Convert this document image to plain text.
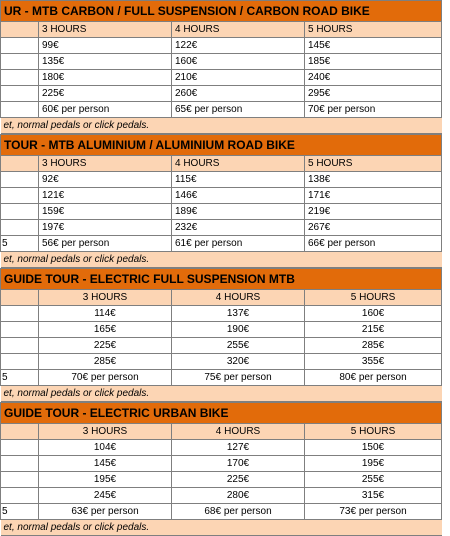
UR - MTB CARBON / FULL SUSPENSION / CARBON ROAD BIKE			
	3 HOURS	4 HOURS	5 HOURS
	99€	122€	145€
	135€	160€	185€
	180€	210€	240€
	225€	260€	295€
	60€ per person	65€ per person	70€ per person
et, normal pedals or click pedals.			
TOUR - MTB ALUMINIUM / ALUMINIUM ROAD BIKE			
	3 HOURS	4 HOURS	5 HOURS
	92€	115€	138€
	121€	146€	171€
	159€	189€	219€
	197€	232€	267€
5	56€ per person	61€ per person	66€ per person
et, normal pedals or click pedals.			
GUIDE TOUR - ELECTRIC FULL SUSPENSION MTB			
	3 HOURS	4 HOURS	5 HOURS
	114€	137€	160€
	165€	190€	215€
	225€	255€	285€
	285€	320€	355€
5	70€ per person	75€ per person	80€ per person
et, normal pedals or click pedals.			
GUIDE TOUR - ELECTRIC URBAN BIKE			
	3 HOURS	4 HOURS	5 HOURS
	104€	127€	150€
	145€	170€	195€
	195€	225€	255€
	245€	280€	315€
5	63€ per person	68€ per person	73€ per person
et, normal pedals or click pedals.			
